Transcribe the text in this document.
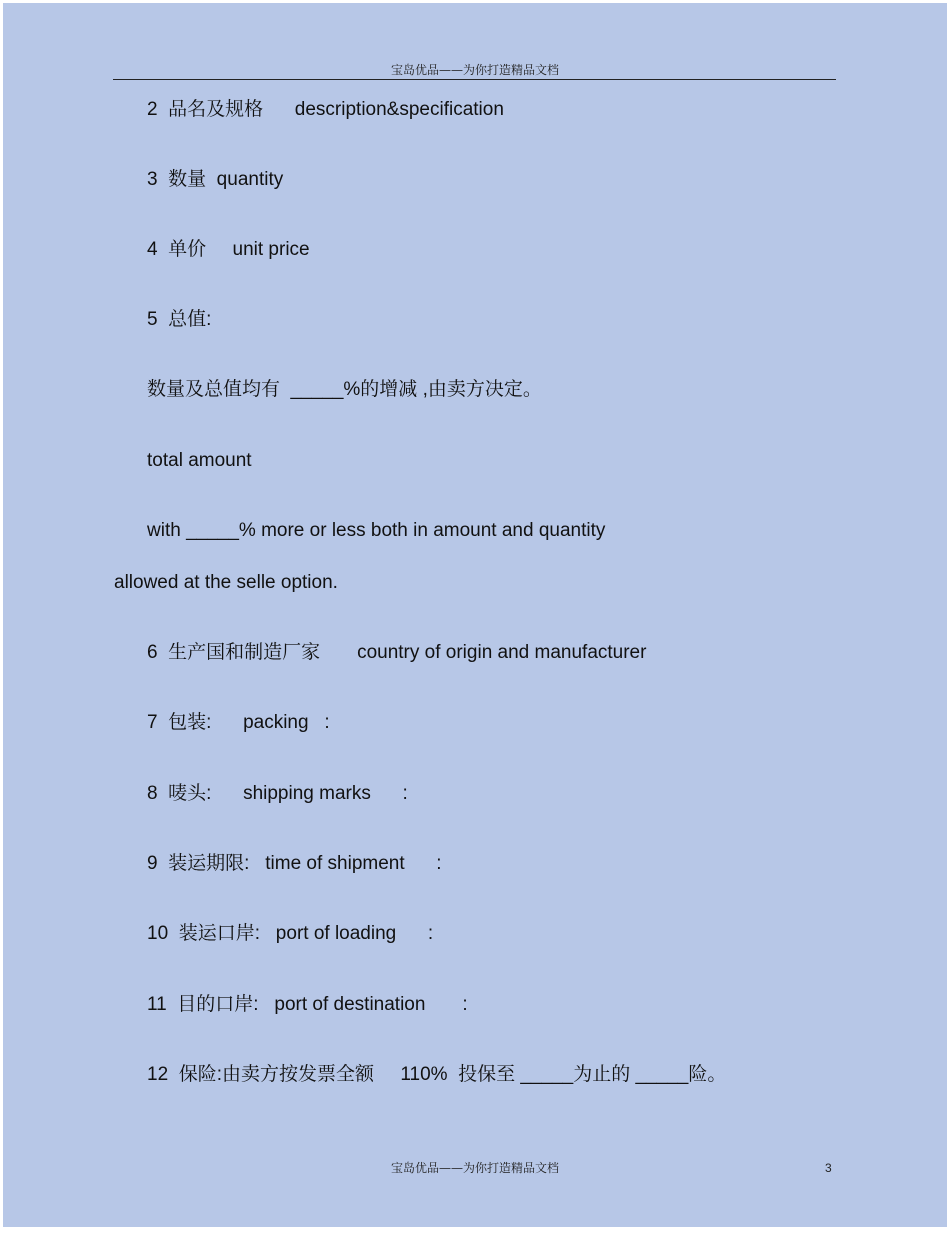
宝岛优品——为你打造精品文档
2  品名及规格      description&specification
3  数量  quantity
4  单价     unit price
5  总值:
数量及总值均有  _____%的增减 ,由卖方决定。
total amount
with _____% more or less both in amount and quantity
allowed at the selle option.
6  生产国和制造厂家       country of origin and manufacturer
7  包装:      packing   :
8  唛头:      shipping marks      :
9  装运期限:   time of shipment      :
10  装运口岸:   port of loading      :
11  目的口岸:   port of destination       :
12  保险:由卖方按发票全额     110%  投保至 _____为止的 _____险。
宝岛优品——为你打造精品文档	3
